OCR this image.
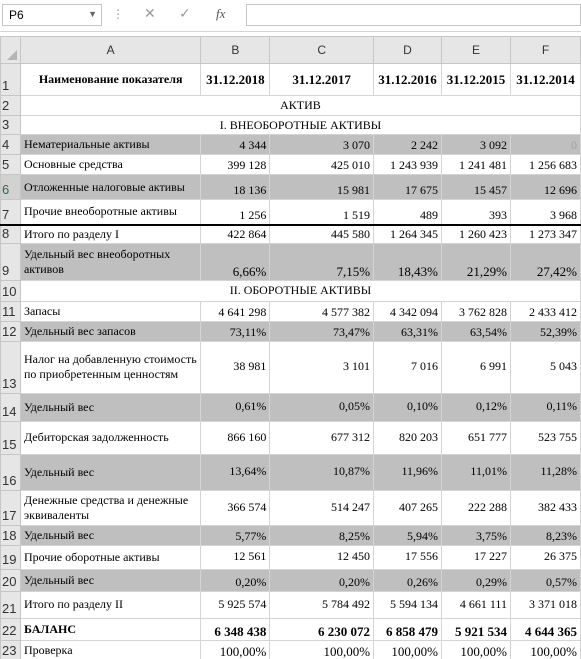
P6	▼ ⋮ ✕ ✓ fx
	A	B	C	D	E	F
1	Наименование показателя	31.12.2018	31.12.2017	31.12.2016	31.12.2015	31.12.2014
2	АКТИВ					
3	I. ВНЕОБОРОТНЫЕ АКТИВЫ					
4	Нематериальные активы	4 344	3 070	2 242	3 092	0
5	Основные средства	399 128	425 010	1 243 939	1 241 481	1 256 683
6	Отложенные налоговые активы	18 136	15 981	17 675	15 457	12 696
7	Прочие внеоборотные активы	1 256	1 519	489	393	3 968
8	Итого по разделу I	422 864	445 580	1 264 345	1 260 423	1 273 347
9	Удельный вес внеоборотных активов	6,66%	7,15%	18,43%	21,29%	27,42%
10	II. ОБОРОТНЫЕ АКТИВЫ					
11	Запасы	4 641 298	4 577 382	4 342 094	3 762 828	2 433 412
12	Удельный вес запасов	73,11%	73,47%	63,31%	63,54%	52,39%
13	Налог на добавленную стоимость по приобретенным ценностям	38 981	3 101	7 016	6 991	5 043
14	Удельный вес	0,61%	0,05%	0,10%	0,12%	0,11%
15	Дебиторская задолженность	866 160	677 312	820 203	651 777	523 755
16	Удельный вес	13,64%	10,87%	11,96%	11,01%	11,28%
17	Денежные средства и денежные эквиваленты	366 574	514 247	407 265	222 288	382 433
18	Удельный вес	5,77%	8,25%	5,94%	3,75%	8,23%
19	Прочие оборотные активы	12 561	12 450	17 556	17 227	26 375
20	Удельный вес	0,20%	0,20%	0,26%	0,29%	0,57%
21	Итого по разделу II	5 925 574	5 784 492	5 594 134	4 661 111	3 371 018
22	БАЛАНС	6 348 438	6 230 072	6 858 479	5 921 534	4 644 365
23	Проверка	100,00%	100,00%	100,00%	100,00%	100,00%
